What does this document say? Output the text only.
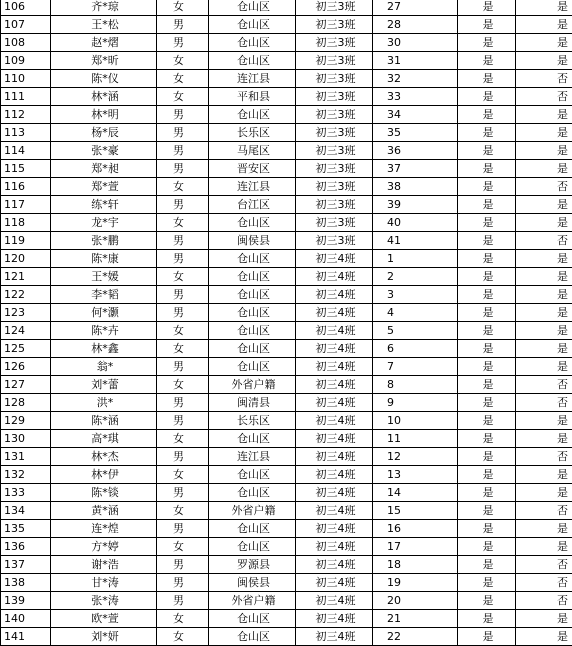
106	齐*琼	女	仓山区	初三3班	27	是	是
107	王*松	男	仓山区	初三3班	28	是	是
108	赵*熠	男	仓山区	初三3班	30	是	是
109	郑*昕	女	仓山区	初三3班	31	是	是
110	陈*仪	女	连江县	初三3班	32	是	否
111	林*涵	女	平和县	初三3班	33	是	否
112	林*明	男	仓山区	初三3班	34	是	是
113	杨*辰	男	长乐区	初三3班	35	是	是
114	张*豪	男	马尾区	初三3班	36	是	是
115	郑*昶	男	晋安区	初三3班	37	是	是
116	郑*萱	女	连江县	初三3班	38	是	否
117	练*轩	男	台江区	初三3班	39	是	是
118	龙*宇	女	仓山区	初三3班	40	是	是
119	张*鹏	男	闽侯县	初三3班	41	是	否
120	陈*康	男	仓山区	初三4班	1	是	是
121	王*媛	女	仓山区	初三4班	2	是	是
122	李*韬	男	仓山区	初三4班	3	是	是
123	何*灏	男	仓山区	初三4班	4	是	是
124	陈*卉	女	仓山区	初三4班	5	是	是
125	林*鑫	女	仓山区	初三4班	6	是	是
126	翁*	男	仓山区	初三4班	7	是	是
127	刘*蕾	女	外省户籍	初三4班	8	是	否
128	洪*	男	闽清县	初三4班	9	是	否
129	陈*涵	男	长乐区	初三4班	10	是	是
130	高*琪	女	仓山区	初三4班	11	是	是
131	林*杰	男	连江县	初三4班	12	是	否
132	林*伊	女	仓山区	初三4班	13	是	是
133	陈*锬	男	仓山区	初三4班	14	是	是
134	黄*涵	女	外省户籍	初三4班	15	是	否
135	连*煌	男	仓山区	初三4班	16	是	是
136	方*婷	女	仓山区	初三4班	17	是	是
137	谢*浩	男	罗源县	初三4班	18	是	否
138	甘*涛	男	闽侯县	初三4班	19	是	否
139	张*涛	男	外省户籍	初三4班	20	是	否
140	欧*萱	女	仓山区	初三4班	21	是	是
141	刘*妍	女	仓山区	初三4班	22	是	是
